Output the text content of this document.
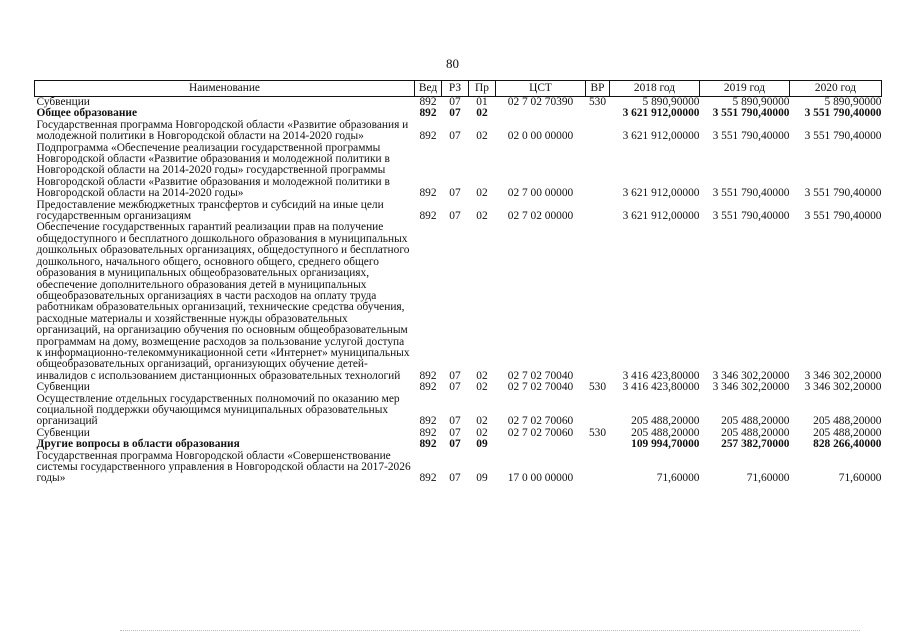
80
Наименование	Вед	РЗ	Пр	ЦСТ	ВР	2018 год	2019 год	2020 год
Субвенции	892	07	01	02 7 02 70390	530	5 890,90000	5 890,90000	5 890,90000
Общее образование	892	07	02			3 621 912,00000	3 551 790,40000	3 551 790,40000
Государственная программа Новгородской области «Развитие образования и молодежной политики в Новгородской области на 2014-2020 годы»	892	07	02	02 0 00 00000		3 621 912,00000	3 551 790,40000	3 551 790,40000
Подпрограмма «Обеспечение реализации государственной программы Новгородской области «Развитие образования и молодежной политики в Новгородской области на 2014-2020 годы» государственной программы Новгородской области «Развитие образования и молодежной политики в Новгородской области на 2014-2020 годы»	892	07	02	02 7 00 00000		3 621 912,00000	3 551 790,40000	3 551 790,40000
Предоставление межбюджетных трансфертов и субсидий на иные цели государственным организациям	892	07	02	02 7 02 00000		3 621 912,00000	3 551 790,40000	3 551 790,40000
Обеспечение государственных гарантий реализации прав на получение общедоступного и бесплатного дошкольного образования в муниципальных дошкольных образовательных организациях, общедоступного и бесплатного дошкольного, начального общего, основного общего, среднего общего образования в муниципальных общеобразовательных организациях, обеспечение дополнительного образования детей в муниципальных общеобразовательных организациях в части расходов на оплату труда работникам образовательных организаций, технические средства обучения, расходные материалы и хозяйственные нужды образовательных организаций, на организацию обучения по основным общеобразовательным программам на дому, возмещение расходов за пользование услугой доступа к информационно-телекоммуникационной сети «Интернет» муниципальных общеобразовательных организаций, организующих обучение детей-инвалидов с использованием дистанционных образовательных технологий	892	07	02	02 7 02 70040		3 416 423,80000	3 346 302,20000	3 346 302,20000
Субвенции	892	07	02	02 7 02 70040	530	3 416 423,80000	3 346 302,20000	3 346 302,20000
Осуществление отдельных государственных полномочий по оказанию мер социальной поддержки обучающимся муниципальных образовательных организаций	892	07	02	02 7 02 70060		205 488,20000	205 488,20000	205 488,20000
Субвенции	892	07	02	02 7 02 70060	530	205 488,20000	205 488,20000	205 488,20000
Другие вопросы в области образования	892	07	09			109 994,70000	257 382,70000	828 266,40000
Государственная программа Новгородской области «Совершенствование системы государственного управления в Новгородской области на 2017-2026 годы»	892	07	09	17 0 00 00000		71,60000	71,60000	71,60000
